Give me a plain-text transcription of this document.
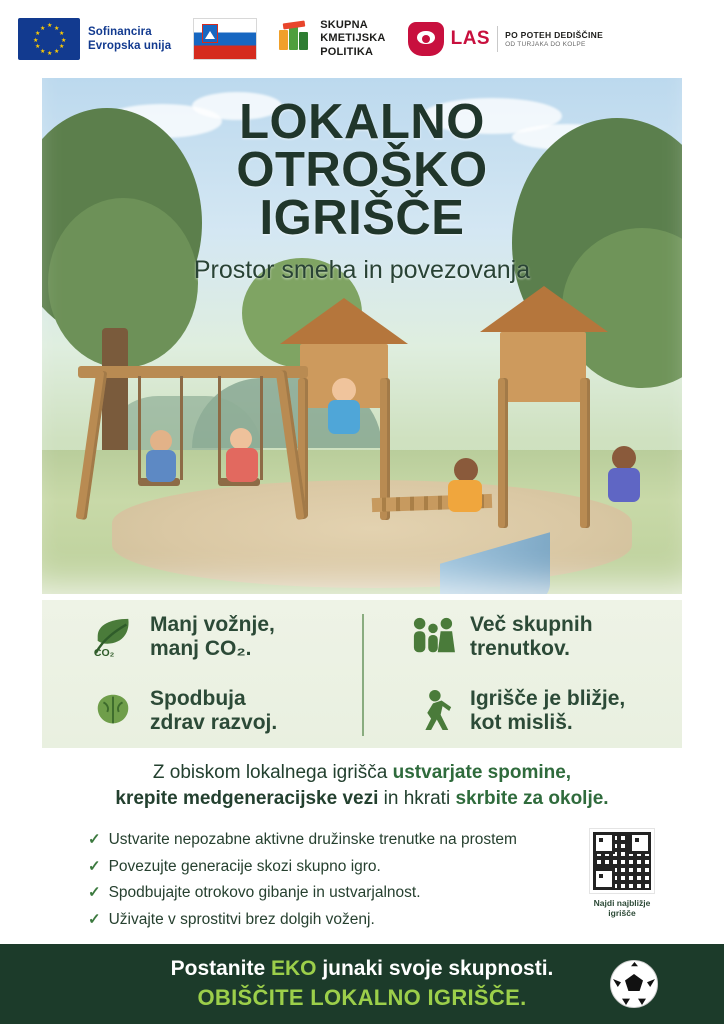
★ ★
★
★
★
★
★
★
★
★
★
★	Sofinancira
Evropska unija
SKUPNA
KMETIJSKA
POLITIKA
LAS PO POTEH DEDIŠČINE
OD TURJAKA DO KOLPE
LOKALNO
OTROŠKO
IGRIŠČE
Prostor smeha in povezovanja
CO₂
Manj vožnje,
manj CO₂.
Več skupnih
trenutkov.
Spodbuja
zdrav razvoj.
Igrišče je bližje,
kot misliš.
Z obiskom lokalnega igrišča ustvarjate spomine,
krepite medgeneracijske vezi in hkrati skrbite za okolje.
✓ Ustvarite nepozabne aktivne družinske trenutke na prostem
✓ Povezujte generacije skozi skupno igro.
✓ Spodbujajte otrokovo gibanje in ustvarjalnost.
✓ Uživajte v sprostitvi brez dolgih voženj.
Najdi najbližje
igrišče
Postanite EKO junaki svoje skupnosti.
OBIŠČITE LOKALNO IGRIŠČE.
